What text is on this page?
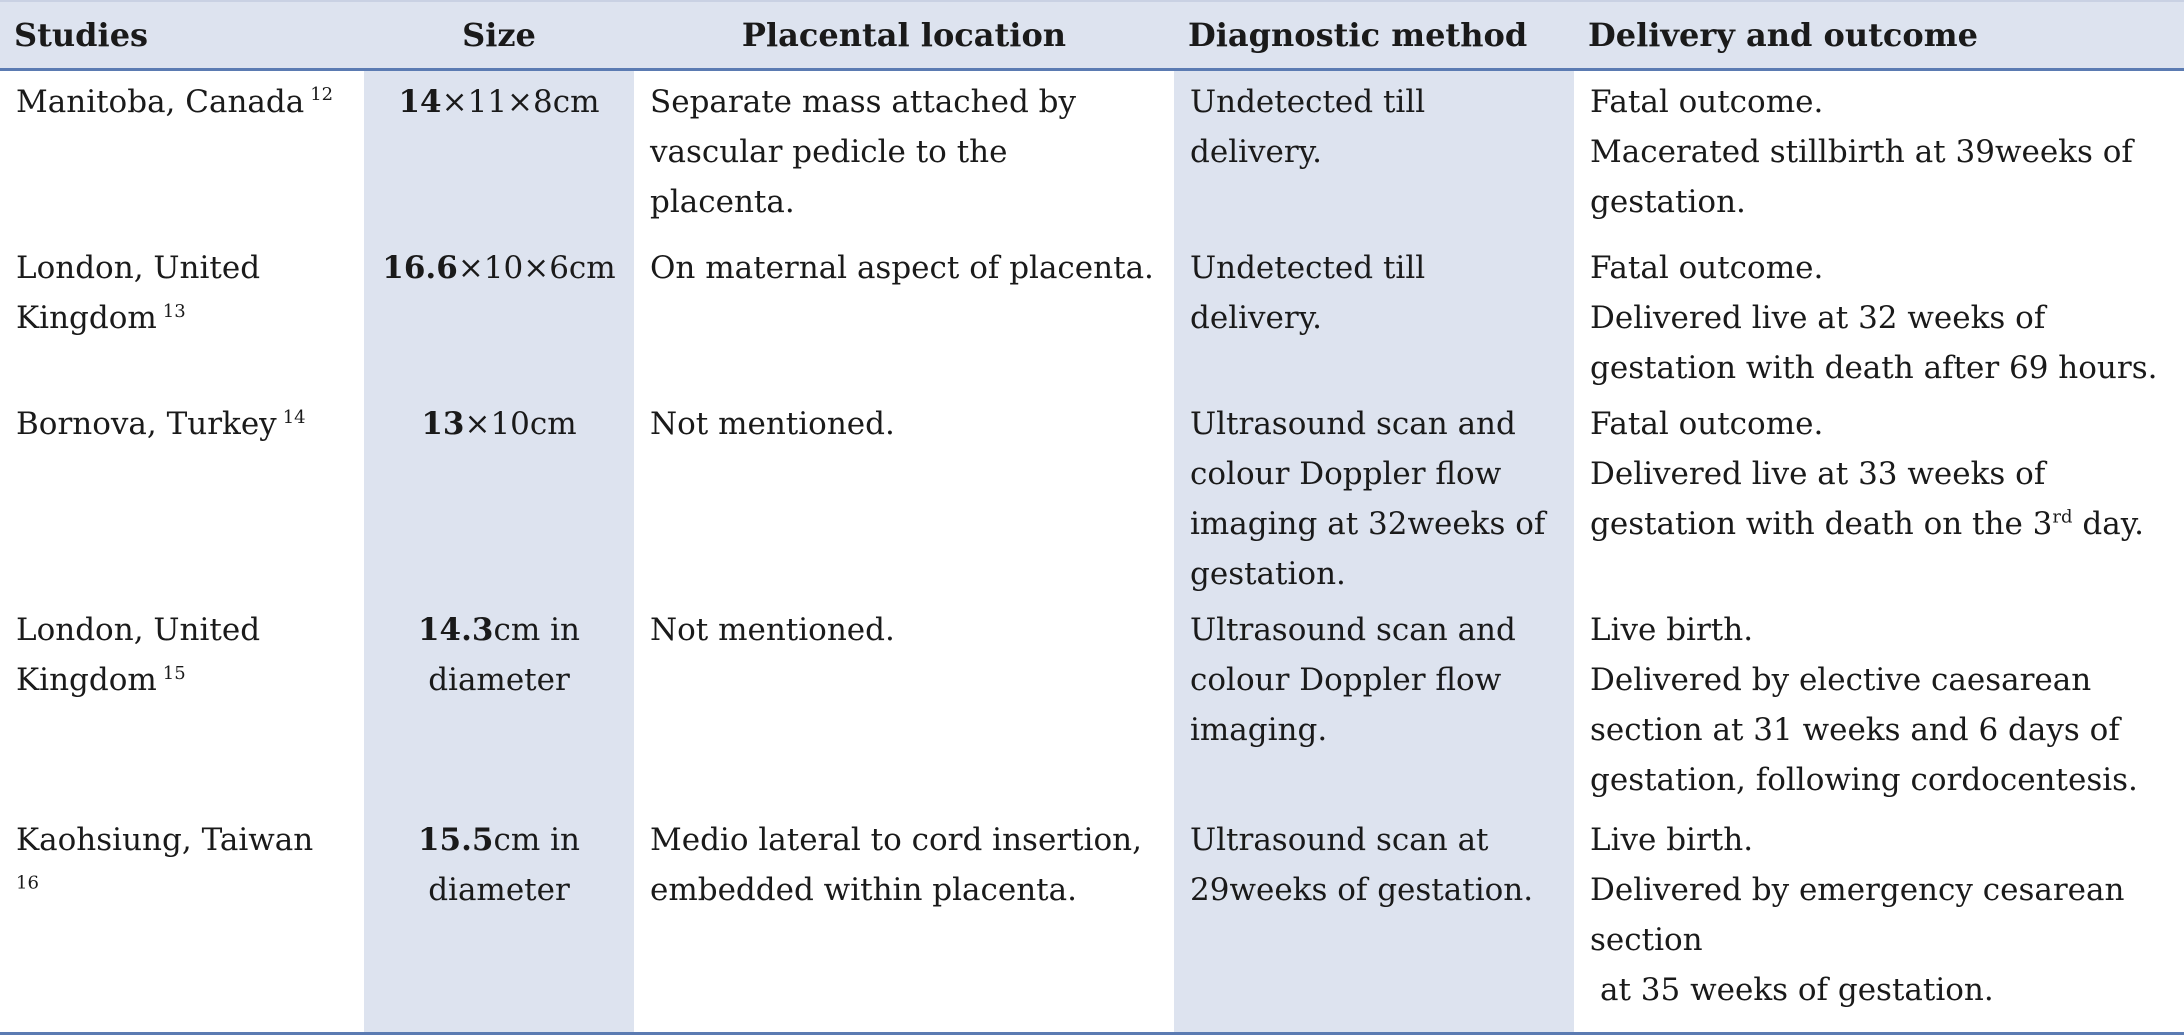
Studies	Size	Placental location	Diagnostic method	Delivery and outcome
Manitoba, Canada $^{12}$	14×11×8cm	Separate mass attached by
vascular pedicle to the placenta.	Undetected till delivery.	Fatal outcome.
Macerated stillbirth at 39weeks of
gestation.

London, United
Kingdom $^{13}$	16.6×10×6cm	On maternal aspect of placenta.	Undetected till delivery.	Fatal outcome.
Delivered live at 32 weeks of
gestation with death after 69 hours.

Bornova, Turkey $^{14}$	13×10cm	Not mentioned.	Ultrasound scan and
colour Doppler flow
imaging at 32weeks of
gestation.	Fatal outcome.
Delivered live at 33 weeks of
gestation with death on the 3rd day.

London, United
Kingdom $^{15}$	14.3cm in
diameter	Not mentioned.	Ultrasound scan and
colour Doppler flow
imaging.	Live birth.
Delivered by elective caesarean
section at 31 weeks and 6 days of
gestation, following cordocentesis.

Kaohsiung, Taiwan
$^{16}$	15.5cm in
diameter	Medio lateral to cord insertion,
embedded within placenta.	Ultrasound scan at
29weeks of gestation.	Live birth.
Delivered by emergency cesarean
section
at 35 weeks of gestation.
